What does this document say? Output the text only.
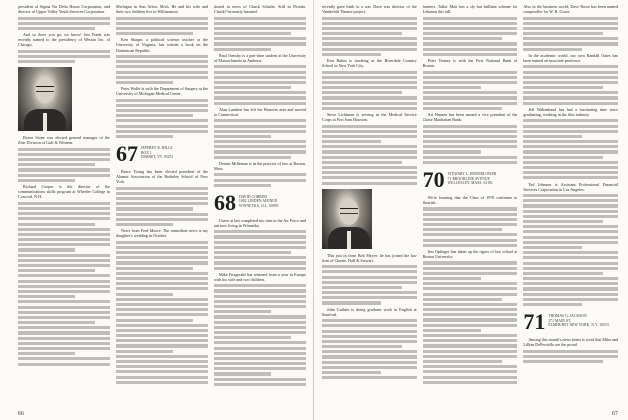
president of Sigma Nu Delta House Corporation, and director of Upper Valley Youth Services Corporation.

And so there you go, we know! Jim Frank was recently named to the presidency of Weston Inc. of Chicago.

Byron Stone was elected general manager of the Zinc Division of Gulf & Western.

Richard Cooper is the director of the communications skills program at Wheeler College in Concord, N.H.

Michigan in Ann Arbor, Mich. He and his wife and their two children live in Williamston.

Ken Sharpe, a political science teacher at the University of Virginia, has written a book on the Dominican Republic.

Peter Wolfe is with the Department of Surgery at the University of Michigan Medical Center.

67 JEFFREY R. HILLS
BOX 1
DORSET, VT. 05251

Bruce Young has been elected president of the Alumni Association of the Berkeley School of New York.

News from Fred Moore: The immediate news is my daughter's wedding in October.

tioned in news of Chuck Schulte. Still in Florida, Chuck? he nearly haunted.

Raul Ormsby is a part-time student at the University of Massachusetts in Amherst.

Alan Lambert has left the Hanover area and moved to Connecticut.

Dennis Milleman is in the practice of law at Boston, Mass.

68 DAVID CORBINI
1002 LINDEN AVENUE
WINNETKA, ILL. 60093

I have at last completed my stint in the Air Force and am now living in Winnetka.

Mike Fitzgerald has returned from a year in Europe with his wife and two children.

66

recently gave birth to a son. Dave was director of the Vanderbilt Theatre project.

Ken Rubin is teaching at the Riverdale Country School in New York City.

Steve Lichtman is serving in the Medical Service Corps at Fort Sam Houston.

This just in from Bob Meyer: he has joined the law firm of Choate, Hall & Stewart.

John Guthrie is doing graduate work in English at Stanford.

farmers. Tallor Mott has a sly but brilliant scheme for Lebanon this fall.

Peter Tenney is with the First National Bank of Boston.

Art Hansen has been named a vice president of the Chase Manhattan Bank.

70 STEWART L. HORNBLOWER
71 BROOKLINE AVENUE
WELLESLEY, MASS. 02181

We're learning that the Class of 1970 continues to flourish.

Jim Oplinger has taken up the rigors of law school at Boston University.

Also in the business world, Dave Rowe has been named comptroller for W. R. Grace.

In the academic world, our own Randall Oates has been named an associate professor.

Jeff Waltenbaud has had a fascinating time since graduating, working in the film industry.

Ted Johnson is Assistant Professional Financial Services Corporation in Los Angeles.

71 THOMAS G. JACKSON
271 MAIN ST.
ELMHURST NEW YORK, N.Y. 10553

Among this month's news items is word that Mike and Lillian DePerriello are the proud

67
